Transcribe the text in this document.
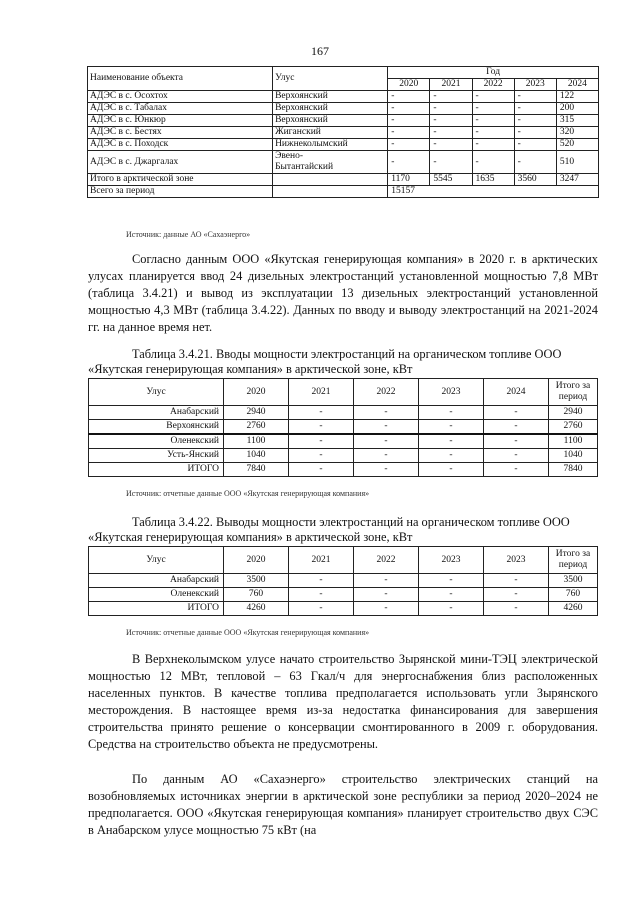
167
Наименование объекта	Улус	Год				
		2020	2021	2022	2023	2024
АДЭС в с. Осохтох	Верхоянский	-	-	-	-	122
АДЭС в с. Табалах	Верхоянский	-	-	-	-	200
АДЭС в с. Юнкюр	Верхоянский	-	-	-	-	315
АДЭС в с. Бестях	Жиганский	-	-	-	-	320
АДЭС в с. Походск	Нижнеколымский	-	-	-	-	520
АДЭС в с. Джаргалах	Эвено-
Бытантайский	-	-	-	-	510
Итого в арктической зоне		1170	5545	1635	3560	3247
Всего за период		15157				
Источник: данные АО «Сахаэнерго»

Согласно данным ООО «Якутская генерирующая компания» в 2020 г. в арктических улусах планируется ввод 24 дизельных электростанций установленной мощностью 7,8 МВт (таблица 3.4.21) и вывод из эксплуатации 13 дизельных электростанций установленной мощностью 4,3 МВт (таблица 3.4.22). Данных по вводу и выводу электростанций на 2021-2024 гг. на данное время нет.

Таблица 3.4.21. Вводы мощности электростанций на органическом топливе ООО «Якутская генерирующая компания» в арктической зоне, кВт

Улус	2020	2021	2022	2023	2024	Итого за
период

Анабарский	2940	-	-	-	-	2940
Верхоянский	2760	-	-	-	-	2760
Оленекский	1100	-	-	-	-	1100
Усть-Янский	1040	-	-	-	-	1040
ИТОГО	7840	-	-	-	-	7840
Источник: отчетные данные ООО «Якутская генерирующая компания»

Таблица 3.4.22. Выводы мощности электростанций на органическом топливе ООО «Якутская генерирующая компания» в арктической зоне, кВт

Улус	2020	2021	2022	2023	2023	Итого за
период

Анабарский	3500	-	-	-	-	3500
Оленекский	760	-	-	-	-	760
ИТОГО	4260	-	-	-	-	4260
Источник: отчетные данные ООО «Якутская генерирующая компания»

В Верхнеколымском улусе начато строительство Зырянской мини-ТЭЦ электрической мощностью 12 МВт, тепловой – 63 Гкал/ч для энергоснабжения близ расположенных населенных пунктов. В качестве топлива предполагается использовать угли Зырянского месторождения. В настоящее время из-за недостатка финансирования для завершения строительства принято решение о консервации смонтированного в 2009 г. оборудования. Средства на строительство объекта не предусмотрены.

По данным АО «Сахаэнерго» строительство электрических станций на возобновляемых источниках энергии в арктической зоне республики за период 2020–2024 не предполагается. ООО «Якутская генерирующая компания» планирует строительство двух СЭС в Анабарском улусе мощностью 75 кВт (на
